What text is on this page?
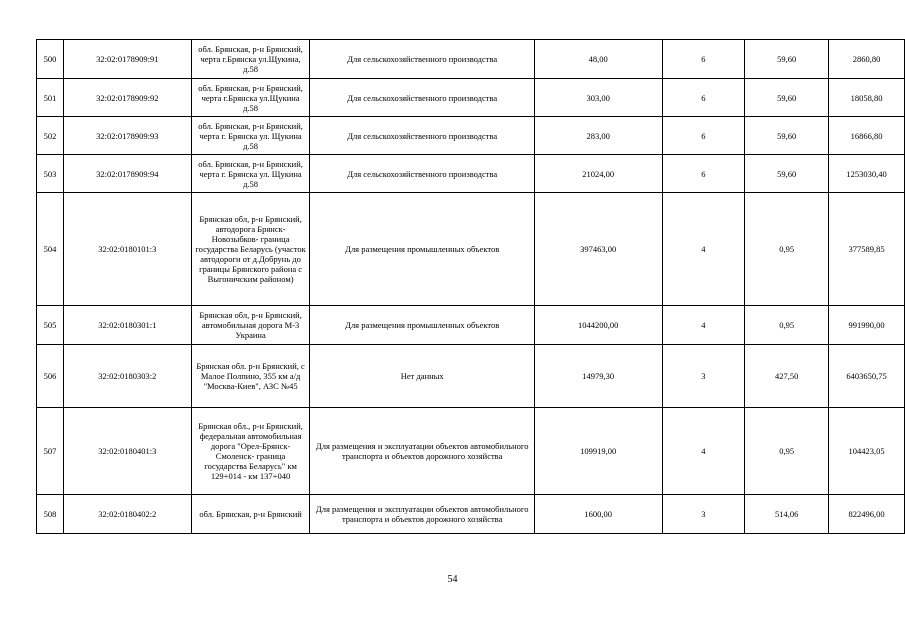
500	32:02:0178909:91	обл. Брянская, р-н Брянский, черта г.Брянска ул.Щукина, д.58	Для сельскохозяйственного производства	48,00	6	59,60	2860,80
501	32:02:0178909:92	обл. Брянская, р-н Брянский, черта г.Брянска ул.Щукина д.58	Для сельскохозяйственного производства	303,00	6	59,60	18058,80
502	32:02:0178909:93	обл. Брянская, р-н Брянский, черта г. Брянска ул. Щукина д.58	Для сельскохозяйственного производства	283,00	6	59,60	16866,80
503	32:02:0178909:94	обл. Брянская, р-н Брянский, черта г. Брянска ул. Щукина д.58	Для сельскохозяйственного производства	21024,00	6	59,60	1253030,40
504	32:02:0180101:3	Брянская обл, р-н Брянский, автодорога Брянск- Новозыбков- граница государства Беларусь (участок автодороги от д.Добрунь до границы Брянского района с Выгоничским районом)	Для размещения промышленных объектов	397463,00	4	0,95	377589,85
505	32:02:0180301:1	Брянская обл, р-н Брянский, автомобильная дорога М-3 Украина	Для размещения промышленных объектов	1044200,00	4	0,95	991990,00
506	32:02:0180303:2	Брянская обл. р-н Брянский, с Малое Полпино, 355 км а/д "Москва-Киев", АЗС №45	Нет данных	14979,30	3	427,50	6403650,75
507	32:02:0180401:3	Брянская обл., р-н Брянский, федеральная автомобильная дорога "Орел-Брянск-Смоленск- граница государства Беларусь" км 129+014 - км 137+040	Для размещения и эксплуатации объектов автомобильного транспорта и объектов дорожного хозяйства	109919,00	4	0,95	104423,05
508	32:02:0180402:2	обл. Брянская, р-н Брянский	Для размещения и эксплуатации объектов автомобильного транспорта и объектов дорожного хозяйства	1600,00	3	514,06	822496,00
54
